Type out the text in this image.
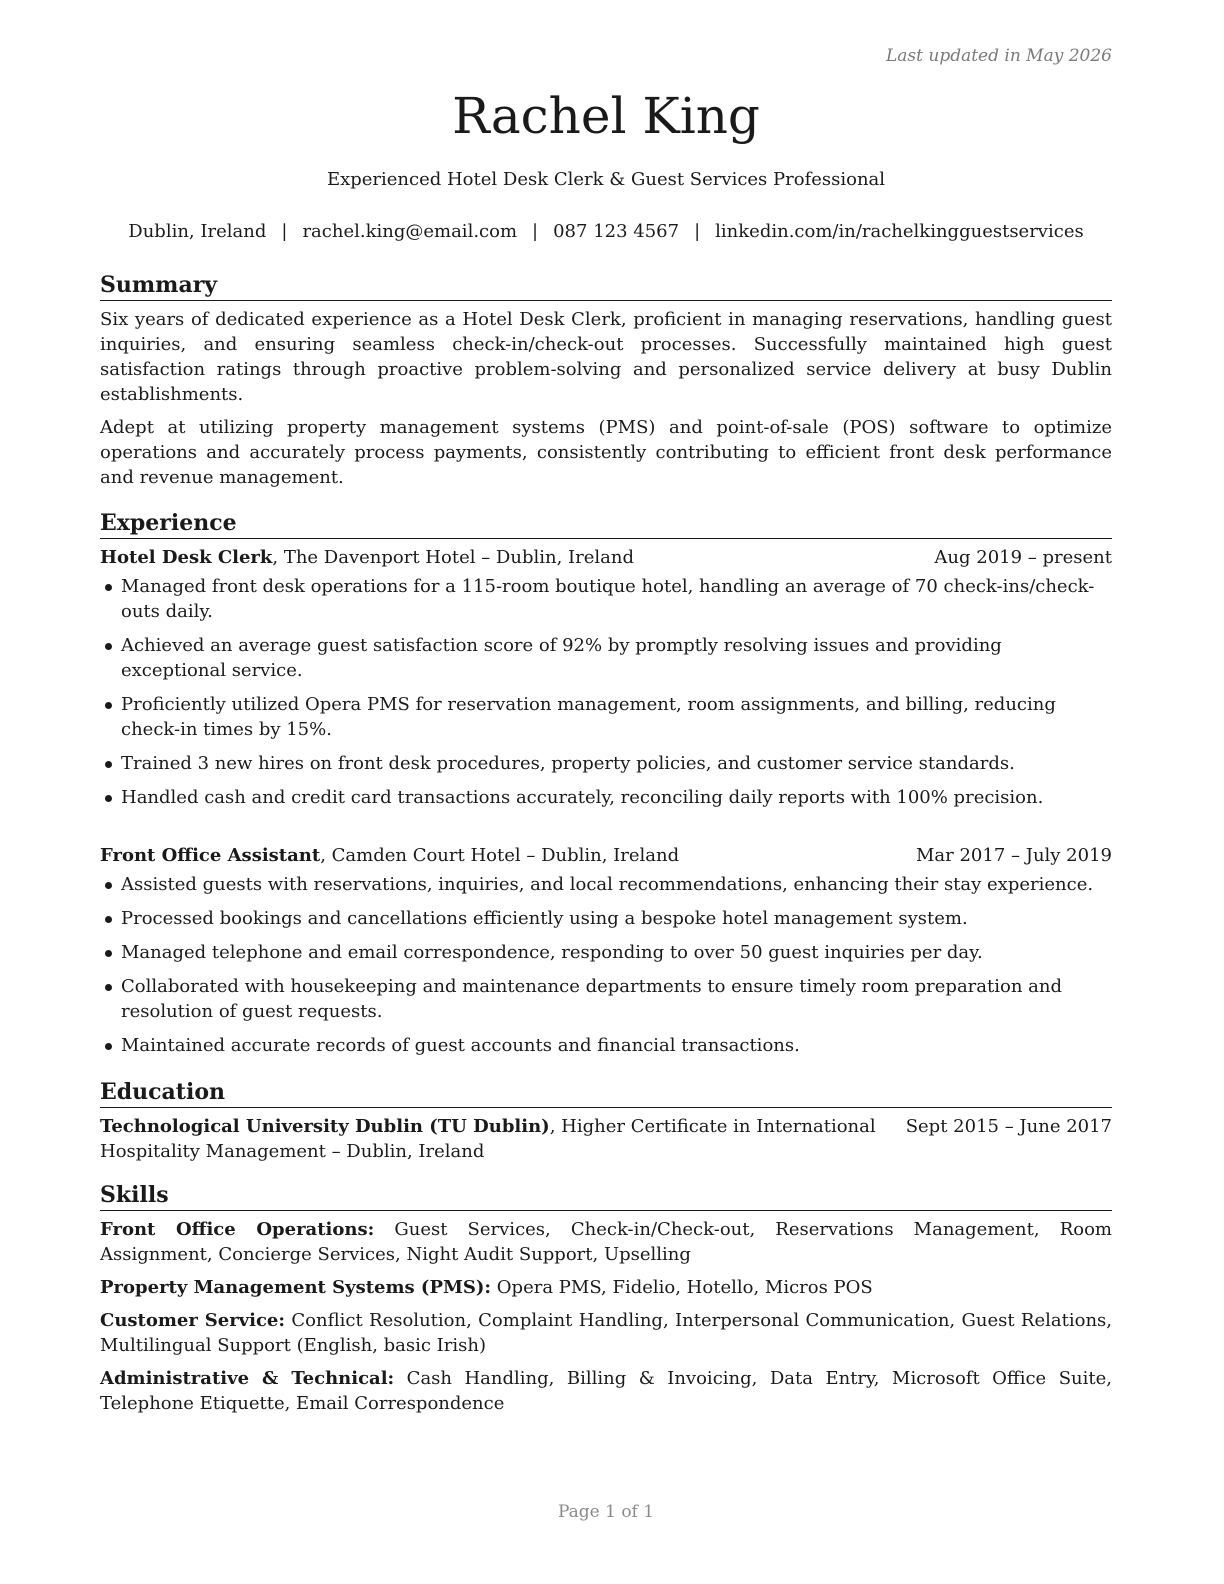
Last updated in May 2026
Rachel King
Experienced Hotel Desk Clerk & Guest Services Professional
Dublin, Ireland | rachel.king@email.com | 087 123 4567 | linkedin.com/in/rachelkingguestservices
Summary

Six years of dedicated experience as a Hotel Desk Clerk, proficient in managing reservations, handling guest inquiries, and ensuring seamless check-in/check-out processes. Successfully maintained high guest satisfaction ratings through proactive problem-solving and personalized service delivery at busy Dublin establishments.

Adept at utilizing property management systems (PMS) and point-of-sale (POS) software to optimize operations and accurately process payments, consistently contributing to efficient front desk performance and revenue management.

Experience
Hotel Desk Clerk, The Davenport Hotel – Dublin, Ireland	Aug 2019 – present
Managed front desk operations for a 115-room boutique hotel, handling an average of 70 check-ins/check-outs daily.
Achieved an average guest satisfaction score of 92% by promptly resolving issues and providing exceptional service.
Proficiently utilized Opera PMS for reservation management, room assignments, and billing, reducing check-in times by 15%.
Trained 3 new hires on front desk procedures, property policies, and customer service standards.
Handled cash and credit card transactions accurately, reconciling daily reports with 100% precision.
Front Office Assistant, Camden Court Hotel – Dublin, Ireland	Mar 2017 – July 2019
Assisted guests with reservations, inquiries, and local recommendations, enhancing their stay experience.
Processed bookings and cancellations efficiently using a bespoke hotel management system.
Managed telephone and email correspondence, responding to over 50 guest inquiries per day.
Collaborated with housekeeping and maintenance departments to ensure timely room preparation and resolution of guest requests.
Maintained accurate records of guest accounts and financial transactions.
Education
Technological University Dublin (TU Dublin), Higher Certificate in International Hospitality Management – Dublin, Ireland
Sept 2015 – June 2017
Skills

Front Office Operations: Guest Services, Check-in/Check-out, Reservations Management, Room Assignment, Concierge Services, Night Audit Support, Upselling

Property Management Systems (PMS): Opera PMS, Fidelio, Hotello, Micros POS

Customer Service: Conflict Resolution, Complaint Handling, Interpersonal Communication, Guest Relations, Multilingual Support (English, basic Irish)

Administrative & Technical: Cash Handling, Billing & Invoicing, Data Entry, Microsoft Office Suite, Telephone Etiquette, Email Correspondence

Page 1 of 1
